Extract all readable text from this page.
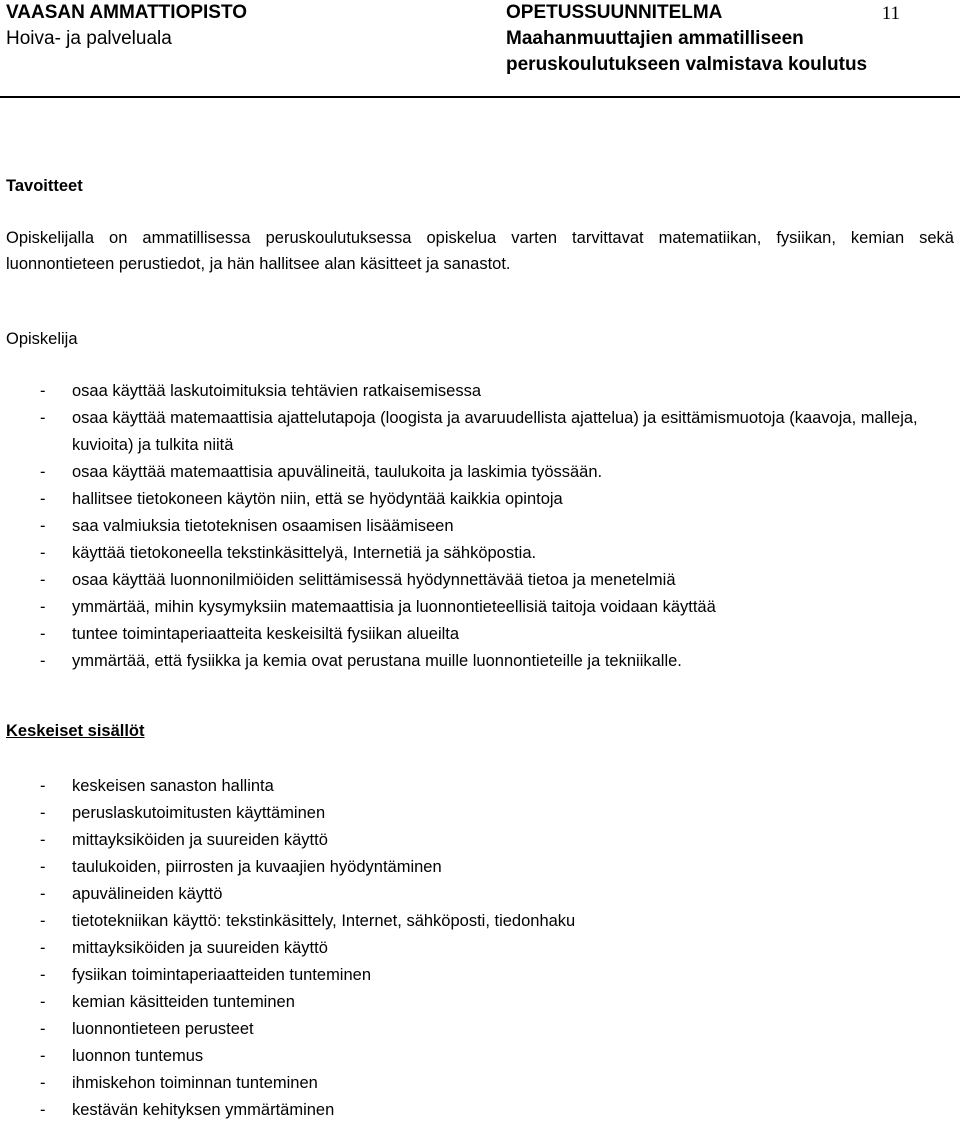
VAASAN AMMATTIOPISTO
Hoiva- ja palveluala
OPETUSSUUNNITELMA
Maahanmuuttajien ammatilliseen
peruskoulutukseen valmistava koulutus
11
Tavoitteet
Opiskelijalla on ammatillisessa peruskoulutuksessa opiskelua varten tarvittavat matematiikan, fysiikan, kemian sekä luonnontieteen perustiedot, ja hän hallitsee alan käsitteet ja sanastot.
Opiskelija
- osaa käyttää laskutoimituksia tehtävien ratkaisemisessa
- osaa käyttää matemaattisia ajattelutapoja (loogista ja avaruudellista ajattelua) ja esittämismuotoja (kaavoja, malleja, kuvioita) ja tulkita niitä
- osaa käyttää matemaattisia apuvälineitä, taulukoita ja laskimia työssään.
- hallitsee tietokoneen käytön niin, että se hyödyntää kaikkia opintoja
- saa valmiuksia tietoteknisen osaamisen lisäämiseen
- käyttää tietokoneella tekstinkäsittelyä, Internetiä ja sähköpostia.
- osaa käyttää luonnonilmiöiden selittämisessä hyödynnettävää tietoa ja menetelmiä
- ymmärtää, mihin kysymyksiin matemaattisia ja luonnontieteellisiä taitoja voidaan käyttää
- tuntee toimintaperiaatteita keskeisiltä fysiikan alueilta
- ymmärtää, että fysiikka ja kemia ovat perustana muille luonnontieteille ja tekniikalle.
Keskeiset sisällöt
- keskeisen sanaston hallinta
- peruslaskutoimitusten käyttäminen
- mittayksiköiden ja suureiden käyttö
- taulukoiden, piirrosten ja kuvaajien hyödyntäminen
- apuvälineiden käyttö
- tietotekniikan käyttö: tekstinkäsittely, Internet, sähköposti, tiedonhaku
- mittayksiköiden ja suureiden käyttö
- fysiikan toimintaperiaatteiden tunteminen
- kemian käsitteiden tunteminen
- luonnontieteen perusteet
- luonnon tuntemus
- ihmiskehon toiminnan tunteminen
- kestävän kehityksen ymmärtäminen
